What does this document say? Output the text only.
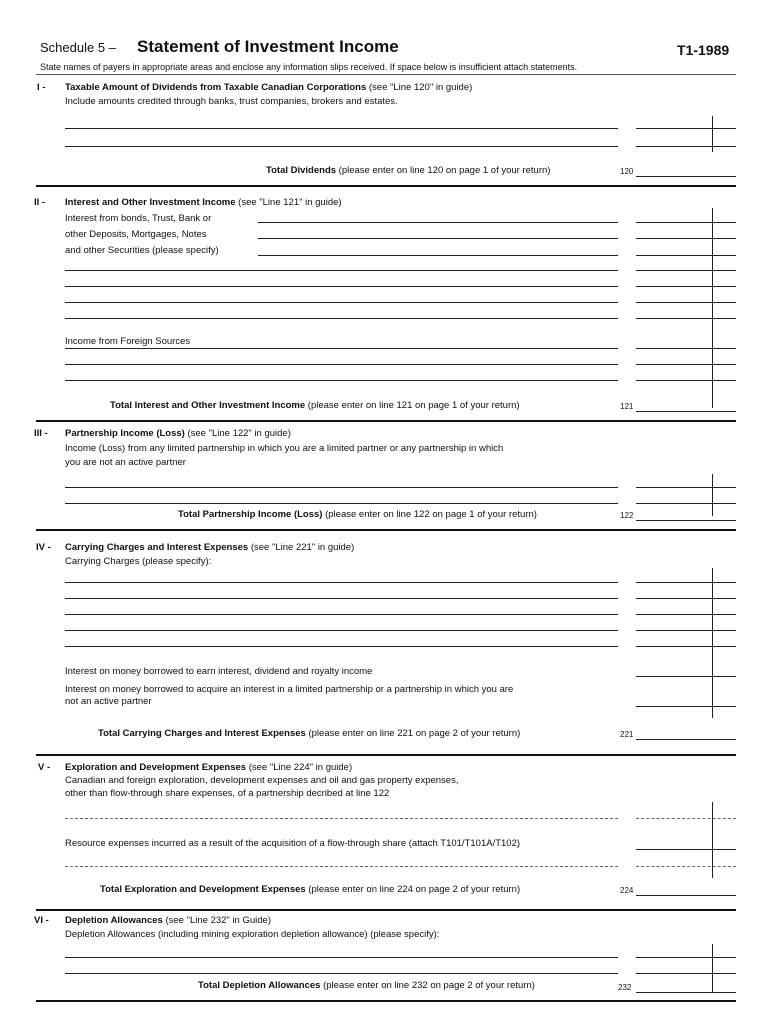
Schedule 5 – Statement of Investment Income	T1-1989
State names of payers in appropriate areas and enclose any information slips received. If space below is insufficient attach statements.
I - Taxable Amount of Dividends from Taxable Canadian Corporations (see "Line 120" in guide)
Include amounts credited through banks, trust companies, brokers and estates.
Total Dividends (please enter on line 120 on page 1 of your return)	120
II - Interest and Other Investment Income (see "Line 121" in guide)
Interest from bonds, Trust, Bank or
other Deposits, Mortgages, Notes
and other Securities (please specify)
Income from Foreign Sources
Total Interest and Other Investment Income (please enter on line 121 on page 1 of your return)	121
III - Partnership Income (Loss) (see "Line 122" in guide)
Income (Loss) from any limited partnership in which you are a limited partner or any partnership in which
you are not an active partner
Total Partnership Income (Loss) (please enter on line 122 on page 1 of your return)	122
IV - Carrying Charges and Interest Expenses (see "Line 221" in guide)
Carrying Charges (please specify):
Interest on money borrowed to earn interest, dividend and royalty income
Interest on money borrowed to acquire an interest in a limited partnership or a partnership in which you are
not an active partner
Total Carrying Charges and Interest Expenses (please enter on line 221 on page 2 of your return)	221
V - Exploration and Development Expenses (see "Line 224" in guide)
Canadian and foreign exploration, development expenses and oil and gas property expenses,
other than flow-through share expenses, of a partnership decribed at line 122
Resource expenses incurred as a result of the acquisition of a flow-through share (attach T101/T101A/T102)
Total Exploration and Development Expenses (please enter on line 224 on page 2 of your return)	224
VI - Depletion Allowances (see "Line 232" in Guide)
Depletion Allowances (including mining exploration depletion allowance) (please specify):
Total Depletion Allowances (please enter on line 232 on page 2 of your return)	232
